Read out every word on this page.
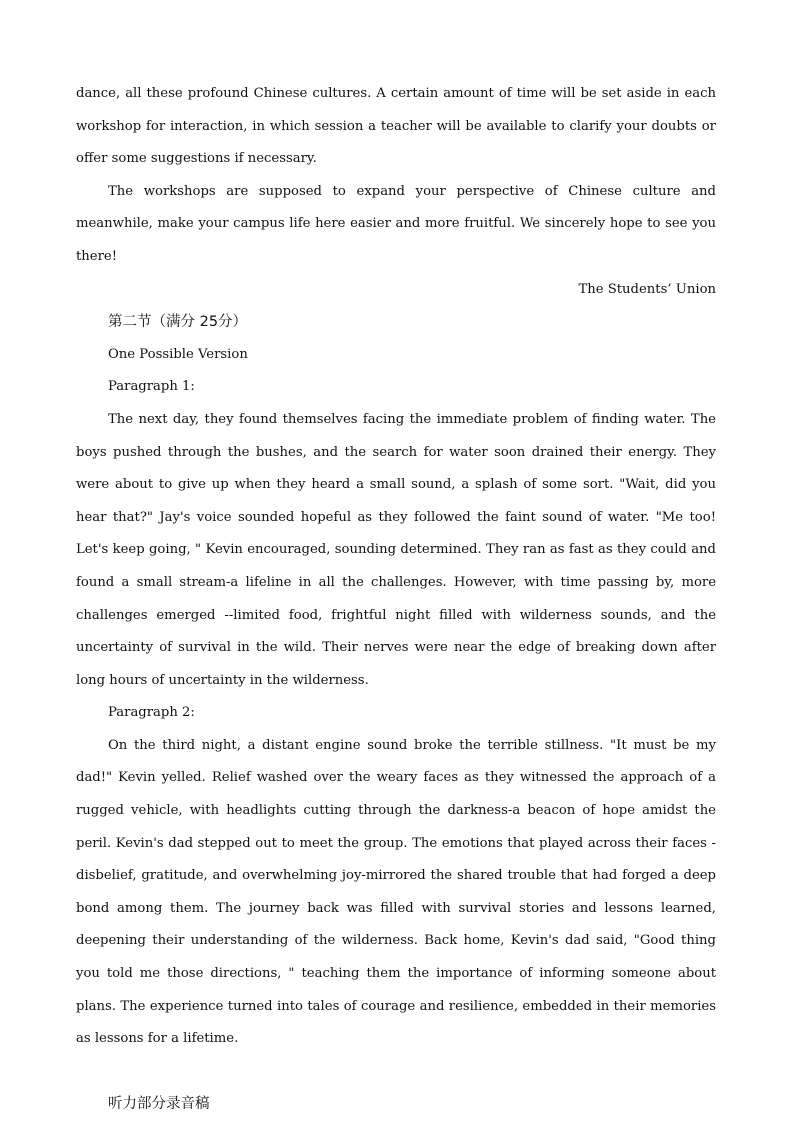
dance, all these profound Chinese cultures. A certain amount of time will be set aside in each workshop for interaction, in which session a teacher will be available to clarify your doubts or offer some suggestions if necessary.

The workshops are supposed to expand your perspective of Chinese culture and meanwhile, make your campus life here easier and more fruitful. We sincerely hope to see you there!

The Students’ Union

第二节（满分 25分）

One Possible Version

Paragraph 1:

The next day, they found themselves facing the immediate problem of finding water. The boys pushed through the bushes, and the search for water soon drained their energy. They were about to give up when they heard a small sound, a splash of some sort. "Wait, did you hear that?" Jay's voice sounded hopeful as they followed the faint sound of water. "Me too! Let's keep going, " Kevin encouraged, sounding determined. They ran as fast as they could and found a small stream-a lifeline in all the challenges. However, with time passing by, more challenges emerged --limited food, frightful night filled with wilderness sounds, and the uncertainty of survival in the wild. Their nerves were near the edge of breaking down after long hours of uncertainty in the wilderness.

Paragraph 2:

On the third night, a distant engine sound broke the terrible stillness. "It must be my dad!" Kevin yelled. Relief washed over the weary faces as they witnessed the approach of a rugged vehicle, with headlights cutting through the darkness-a beacon of hope amidst the peril. Kevin's dad stepped out to meet the group. The emotions that played across their faces -disbelief, gratitude, and overwhelming joy-mirrored the shared trouble that had forged a deep bond among them. The journey back was filled with survival stories and lessons learned, deepening their understanding of the wilderness. Back home, Kevin's dad said, "Good thing you told me those directions, " teaching them the importance of informing someone about plans. The experience turned into tales of courage and resilience, embedded in their memories as lessons for a lifetime.

听力部分录音稿
